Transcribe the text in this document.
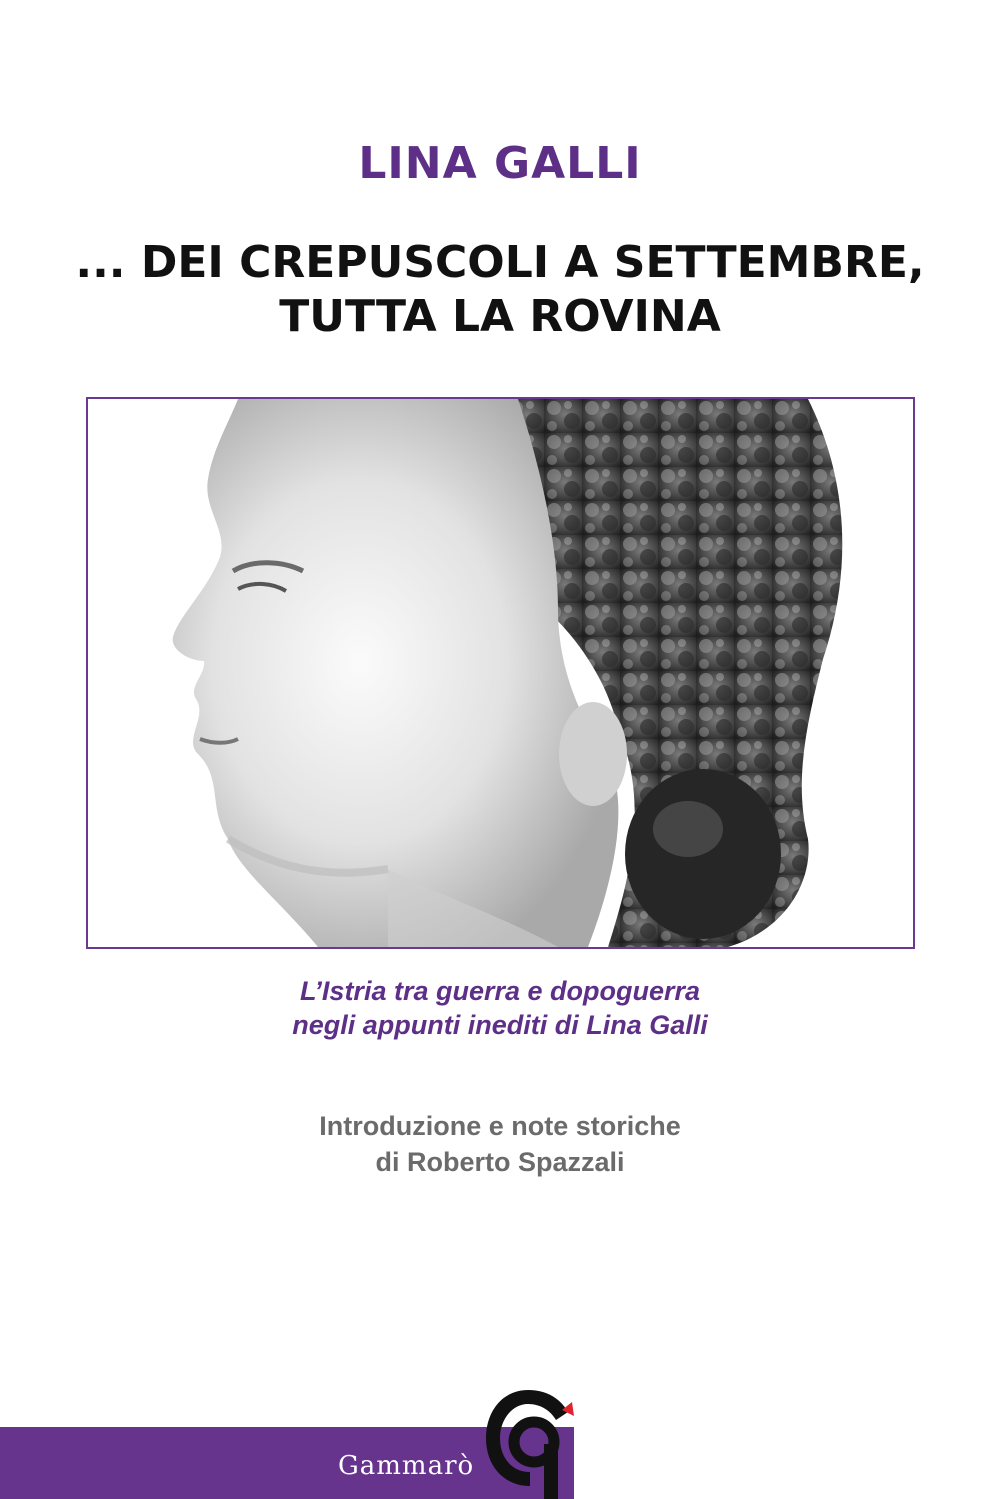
LINA GALLI
... DEI CREPUSCOLI A SETTEMBRE,
TUTTA LA ROVINA
L’Istria tra guerra e dopoguerra
negli appunti inediti di Lina Galli
Introduzione e note storiche
di Roberto Spazzali
Gammarò
